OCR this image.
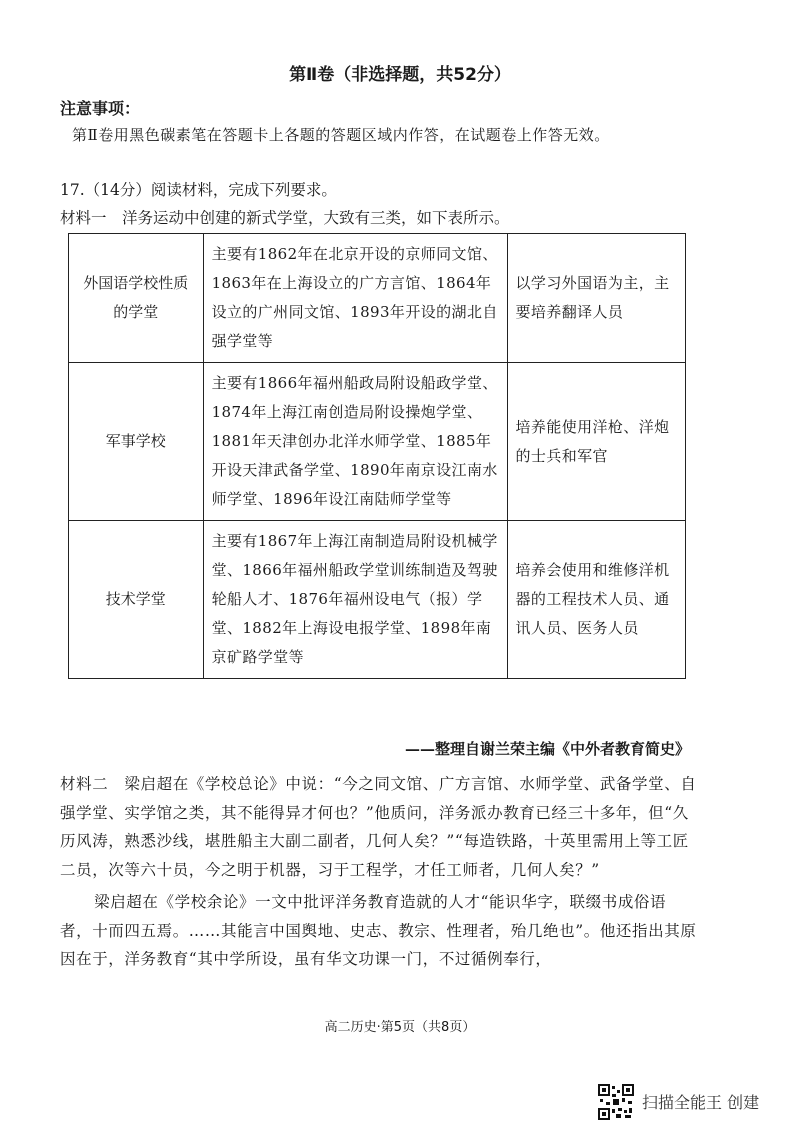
第Ⅱ卷（非选择题，共52分）
注意事项：
第Ⅱ卷用黑色碳素笔在答题卡上各题的答题区域内作答，在试题卷上作答无效。
17.（14分）阅读材料，完成下列要求。
材料一　洋务运动中创建的新式学堂，大致有三类，如下表所示。
外国语学校性质的学堂	主要有1862年在北京开设的京师同文馆、1863年在上海设立的广方言馆、1864年设立的广州同文馆、1893年开设的湖北自强学堂等	以学习外国语为主，主要培养翻译人员
军事学校	主要有1866年福州船政局附设船政学堂、1874年上海江南创造局附设操炮学堂、1881年天津创办北洋水师学堂、1885年开设天津武备学堂、1890年南京设江南水师学堂、1896年设江南陆师学堂等	培养能使用洋枪、洋炮的士兵和军官
技术学堂	主要有1867年上海江南制造局附设机械学堂、1866年福州船政学堂训练制造及驾驶轮船人才、1876年福州设电气（报）学堂、1882年上海设电报学堂、1898年南京矿路学堂等	培养会使用和维修洋机器的工程技术人员、通讯人员、医务人员
——整理自谢兰荣主编《中外者教育简史》

材料二　梁启超在《学校总论》中说：“今之同文馆、广方言馆、水师学堂、武备学堂、自强学堂、实学馆之类，其不能得异才何也？”他质问，洋务派办教育已经三十多年，但“久历风涛，熟悉沙线，堪胜船主大副二副者，几何人矣？”“每造铁路，十英里需用上等工匠二员，次等六十员，今之明于机器，习于工程学，才任工师者，几何人矣？”

梁启超在《学校余论》一文中批评洋务教育造就的人才“能识华字，联缀书成俗语者，十而四五焉。……其能言中国舆地、史志、教宗、性理者，殆几绝也”。他还指出其原因在于，洋务教育“其中学所设，虽有华文功课一门，不过循例奉行，

高二历史·第5页（共8页）
扫描全能王 创建
